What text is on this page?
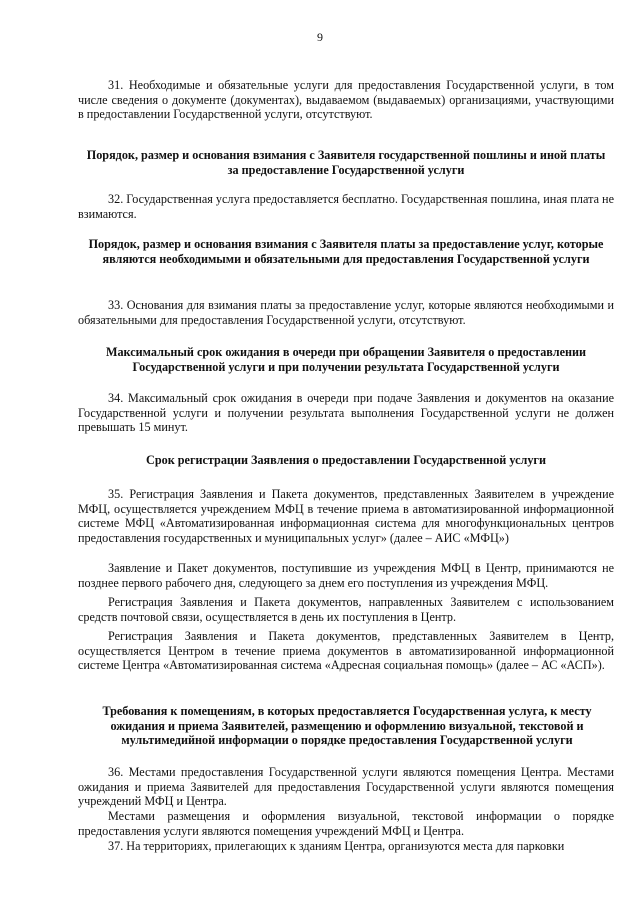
9

31. Необходимые и обязательные услуги для предоставления Государственной услуги, в том числе сведения о документе (документах), выдаваемом (выдаваемых) организациями, участвующими в предоставлении Государственной услуги, отсутствуют.

Порядок, размер и основания взимания с Заявителя государственной пошлины и иной платы за предоставление Государственной услуги

32. Государственная услуга предоставляется бесплатно. Государственная пошлина, иная плата не взимаются.

Порядок, размер и основания взимания с Заявителя платы за предоставление услуг, которые являются необходимыми и обязательными для предоставления Государственной услуги

33. Основания для взимания платы за предоставление услуг, которые являются необходимыми и обязательными для предоставления Государственной услуги, отсутствуют.

Максимальный срок ожидания в очереди при обращении Заявителя о предоставлении Государственной услуги и при получении результата Государственной услуги

34. Максимальный срок ожидания в очереди при подаче Заявления и документов на оказание Государственной услуги и получении результата выполнения Государственной услуги не должен превышать 15 минут.

Срок регистрации Заявления о предоставлении Государственной услуги

35. Регистрация Заявления и Пакета документов, представленных Заявителем в учреждение МФЦ, осуществляется учреждением МФЦ в течение приема в автоматизированной информационной системе МФЦ «Автоматизированная информационная система для многофункциональных центров предоставления государственных и муниципальных услуг» (далее – АИС «МФЦ»)

Заявление и Пакет документов, поступившие из учреждения МФЦ в Центр, принимаются не позднее первого рабочего дня, следующего за днем его поступления из учреждения МФЦ.

Регистрация Заявления и Пакета документов, направленных Заявителем с использованием средств почтовой связи, осуществляется в день их поступления в Центр.

Регистрация Заявления и Пакета документов, представленных Заявителем в Центр, осуществляется Центром в течение приема документов в автоматизированной информационной системе Центра «Автоматизированная система «Адресная социальная помощь» (далее – АС «АСП»).

Требования к помещениям, в которых предоставляется Государственная услуга, к месту ожидания и приема Заявителей, размещению и оформлению визуальной, текстовой и мультимедийной информации о порядке предоставления Государственной услуги

36. Местами предоставления Государственной услуги являются помещения Центра. Местами ожидания и приема Заявителей для предоставления Государственной услуги являются помещения учреждений МФЦ и Центра.

Местами размещения и оформления визуальной, текстовой информации о порядке предоставления услуги являются помещения учреждений МФЦ и Центра.

37. На территориях, прилегающих к зданиям Центра, организуются места для парковки
